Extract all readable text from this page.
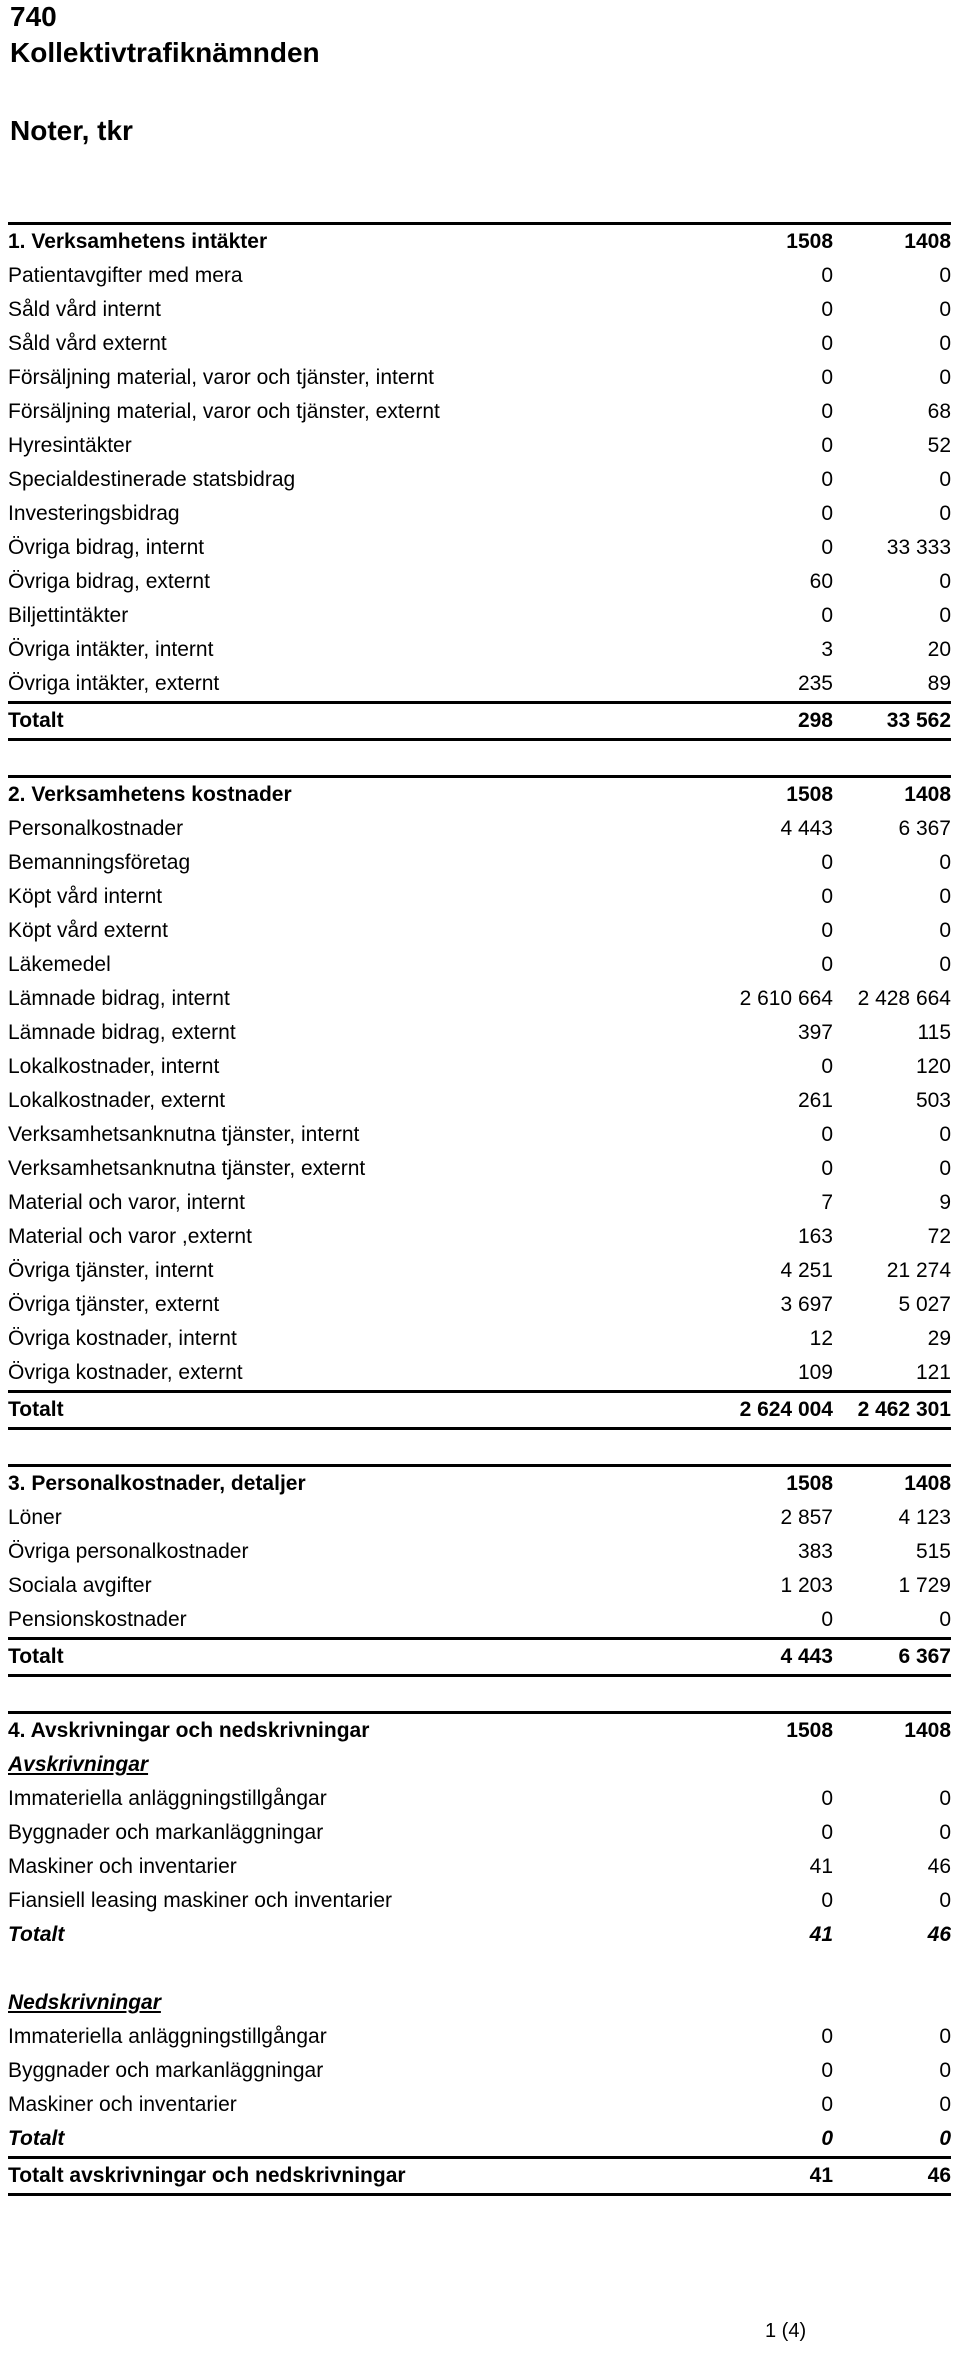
740
Kollektivtrafiknämnden
Noter, tkr
1. Verksamhetens intäkter	1508	1408
Patientavgifter med mera	0	0
Såld vård internt	0	0
Såld vård externt	0	0
Försäljning material, varor och tjänster, internt	0	0
Försäljning material, varor och tjänster, externt	0	68
Hyresintäkter	0	52
Specialdestinerade statsbidrag	0	0
Investeringsbidrag	0	0
Övriga bidrag, internt	0	33 333
Övriga bidrag, externt	60	0
Biljettintäkter	0	0
Övriga intäkter, internt	3	20
Övriga intäkter, externt	235	89
Totalt	298	33 562
2. Verksamhetens kostnader	1508	1408
Personalkostnader	4 443	6 367
Bemanningsföretag	0	0
Köpt vård internt	0	0
Köpt vård externt	0	0
Läkemedel	0	0
Lämnade bidrag, internt	2 610 664	2 428 664
Lämnade bidrag, externt	397	115
Lokalkostnader, internt	0	120
Lokalkostnader, externt	261	503
Verksamhetsanknutna tjänster, internt	0	0
Verksamhetsanknutna tjänster, externt	0	0
Material och varor, internt	7	9
Material och varor ,externt	163	72
Övriga tjänster, internt	4 251	21 274
Övriga tjänster, externt	3 697	5 027
Övriga kostnader, internt	12	29
Övriga kostnader, externt	109	121
Totalt	2 624 004	2 462 301
3. Personalkostnader, detaljer	1508	1408
Löner	2 857	4 123
Övriga personalkostnader	383	515
Sociala avgifter	1 203	1 729
Pensionskostnader	0	0
Totalt	4 443	6 367
4. Avskrivningar och nedskrivningar	1508	1408
Avskrivningar		
Immateriella anläggningstillgångar	0	0
Byggnader och markanläggningar	0	0
Maskiner och inventarier	41	46
Fiansiell leasing maskiner och inventarier	0	0
Totalt	41	46

Nedskrivningar		
Immateriella anläggningstillgångar	0	0
Byggnader och markanläggningar	0	0
Maskiner och inventarier	0	0
Totalt	0	0
Totalt avskrivningar och nedskrivningar	41	46
1 (4)
